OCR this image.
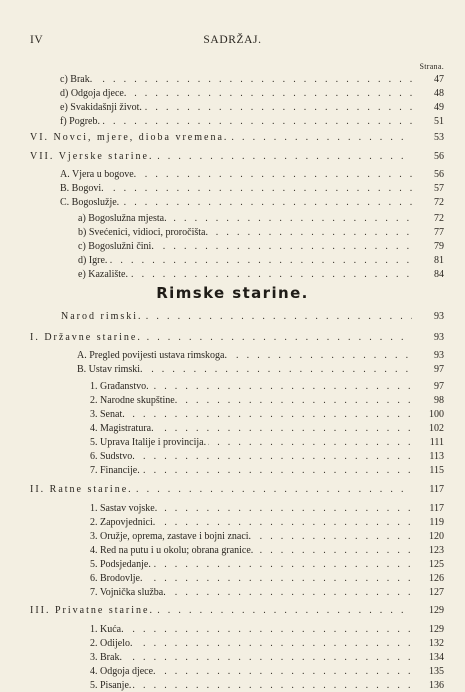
IV	SADRŽAJ.
Strana.
Rimske starine.
. .
c) Brak.	47
. .
d) Odgoja djece.	48
. .
e) Svakidašnji život.	49
. .
f) Pogreb.	51
. .
VI. Novci, mjere, dioba vremena.	53
. .
VII. Vjerske starine.	56
. .
A. Vjera u bogove.	56
. .
B. Bogovi.	57
. .
C. Bogoslužje.	72
. .
a) Bogoslužna mjesta.	72
. .
b) Svećenici, vidioci, proročišta.	77
. .
c) Bogoslužni čini.	79
. .
d) Igre.	81
. .
e) Kazalište.	84
. .
Narod rimski.	93
. .
I. Državne starine.	93
. .
A. Pregled povijesti ustava rimskoga.	93
. .
B. Ustav rimski.	97
. .
1. Građanstvo.	97
. .
2. Narodne skupštine.	98
. .
3. Senat.	100
. .
4. Magistratura.	102
. .
5. Uprava Italije i provincija.	111
. .
6. Sudstvo.	113
. .
7. Financije.	115
. .
II. Ratne starine.	117
. .
1. Sastav vojske.	117
. .
2. Zapovjednici.	119
. .
3. Oružje, oprema, zastave i bojni znaci.	120
. .
4. Red na putu i u okolu; obrana granice.	123
. .
5. Podsjedanje.	125
. .
6. Brodovlje.	126
. .
7. Vojnička služba.	127
. .
III. Privatne starine.	129
. .
1. Kuća.	129
. .
2. Odijelo.	132
. .
3. Brak.	134
. .
4. Odgoja djece.	135
. .
5. Pisanje.	136
